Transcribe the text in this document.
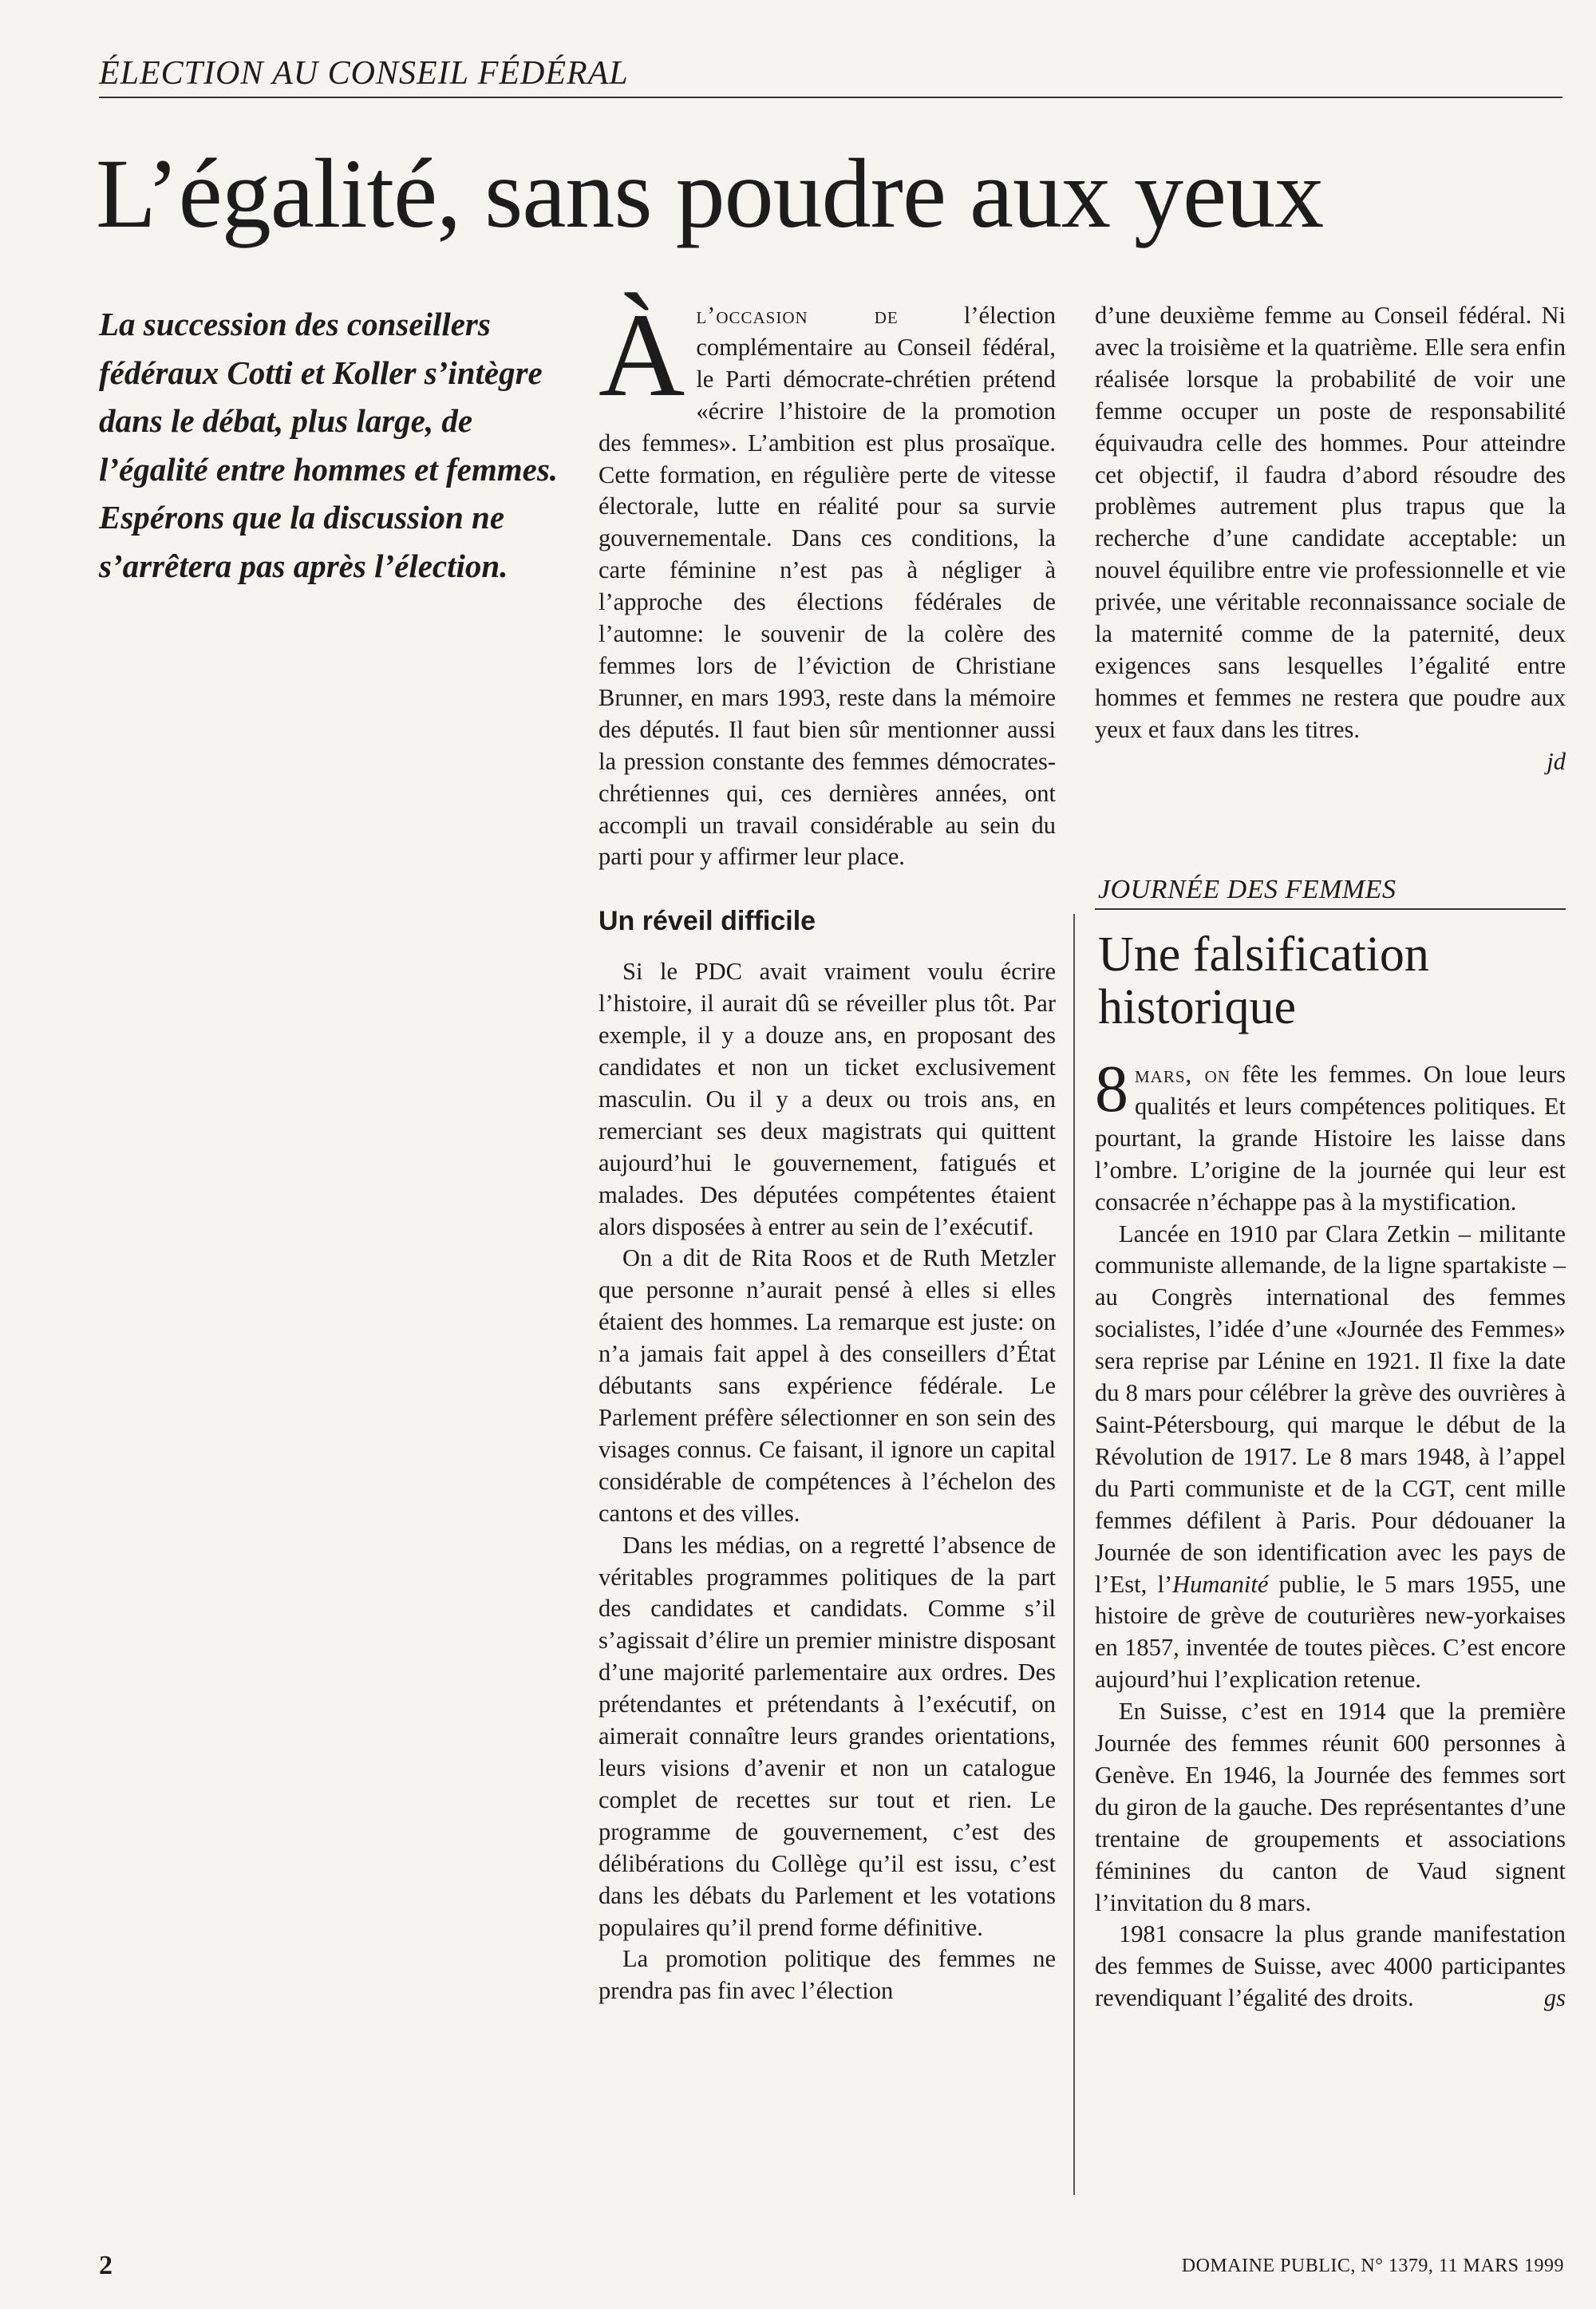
ÉLECTION AU CONSEIL FÉDÉRAL
L’égalité, sans poudre aux yeux
La succession des conseillers fédéraux Cotti et Koller s’intègre dans le débat, plus large, de l’égalité entre hommes et femmes. Espérons que la discussion ne s’arrêtera pas après l’élection.

Àl’occasion de	l’élection complémentaire au Conseil fédéral, le Parti démocrate-chrétien prétend «écrire l’histoire de la promotion des femmes». L’ambition est plus prosaïque. Cette formation, en régulière perte de vitesse électorale, lutte en réalité pour sa survie gouvernementale. Dans ces conditions, la carte féminine n’est pas à négliger à l’approche des élections fédérales de l’automne: le souvenir de la colère des femmes lors de l’éviction de Christiane Brunner, en mars 1993, reste dans la mémoire des députés. Il faut bien sûr mentionner aussi la pression constante des femmes démocrates-chrétiennes qui, ces dernières années, ont accompli un travail considérable au sein du parti pour y affirmer leur place.

Un réveil difficile

Si le PDC avait vraiment voulu écrire l’histoire, il aurait dû se réveiller plus tôt. Par exemple, il y a douze ans, en proposant des candidates et non un ticket exclusivement masculin. Ou il y a deux ou trois ans, en remerciant ses deux magistrats qui quittent aujourd’hui le gouvernement, fatigués et malades. Des députées compétentes étaient alors disposées à entrer au sein de l’exécutif.

On a dit de Rita Roos et de Ruth Metzler que personne n’aurait pensé à elles si elles étaient des hommes. La remarque est juste: on n’a jamais fait appel à des conseillers d’État débutants sans expérience fédérale. Le Parlement préfère sélectionner en son sein des visages connus. Ce faisant, il ignore un capital considérable de compétences à l’échelon des cantons et des villes.

Dans les médias, on a regretté l’absence de véritables programmes politiques de la part des candidates et candidats. Comme s’il s’agissait d’élire un premier ministre disposant d’une majorité parlementaire aux ordres. Des prétendantes et prétendants à l’exécutif, on aimerait connaître leurs grandes orientations, leurs visions d’avenir et non un catalogue complet de recettes sur tout et rien. Le programme de gouvernement, c’est des délibérations du Collège qu’il est issu, c’est dans les débats du Parlement et les votations populaires qu’il prend forme définitive.

La promotion politique des femmes ne prendra pas fin avec l’élection

d’une deuxième femme au Conseil fédéral. Ni avec la troisième et la quatrième. Elle sera enfin réalisée lorsque la probabilité de voir une femme occuper un poste de responsabilité équivaudra celle des hommes. Pour atteindre cet objectif, il faudra d’abord résoudre des problèmes autrement plus trapus que la recherche d’une candidate acceptable: un nouvel équilibre entre vie professionnelle et vie privée, une véritable reconnaissance sociale de la maternité comme de la paternité, deux exigences sans lesquelles l’égalité entre hommes et femmes ne restera que poudre aux yeux et faux dans les titres.

jd

JOURNÉE DES FEMMES
Une falsification historique

8 mars, on fête les femmes. On loue leurs qualités et leurs compétences politiques. Et pourtant, la grande Histoire les laisse dans l’ombre. L’origine de la journée qui leur est consacrée n’échappe pas à la mystification.

Lancée en 1910 par Clara Zetkin – militante communiste allemande, de la ligne spartakiste – au Congrès international des femmes socialistes, l’idée d’une «Journée des Femmes» sera reprise par Lénine en 1921. Il fixe la date du 8 mars pour célébrer la grève des ouvrières à Saint-Pétersbourg, qui marque le début de la Révolution de 1917. Le 8 mars 1948, à l’appel du Parti communiste et de la CGT, cent mille femmes défilent à Paris. Pour dédouaner la Journée de son identification avec les pays de l’Est, l’Humanité publie, le 5 mars 1955, une histoire de grève de couturières new-yorkaises en 1857, inventée de toutes pièces. C’est encore aujourd’hui l’explication retenue.

En Suisse, c’est en 1914 que la première Journée des femmes réunit 600 personnes à Genève. En 1946, la Journée des femmes sort du giron de la gauche. Des représentantes d’une trentaine de groupements et associations féminines du canton de Vaud signent l’invitation du 8 mars.

1981 consacre la plus grande manifestation des femmes de Suisse, avec 4000 participantes revendiquant l’égalité des droits.	gs

2	DOMAINE PUBLIC, N° 1379, 11 MARS 1999
